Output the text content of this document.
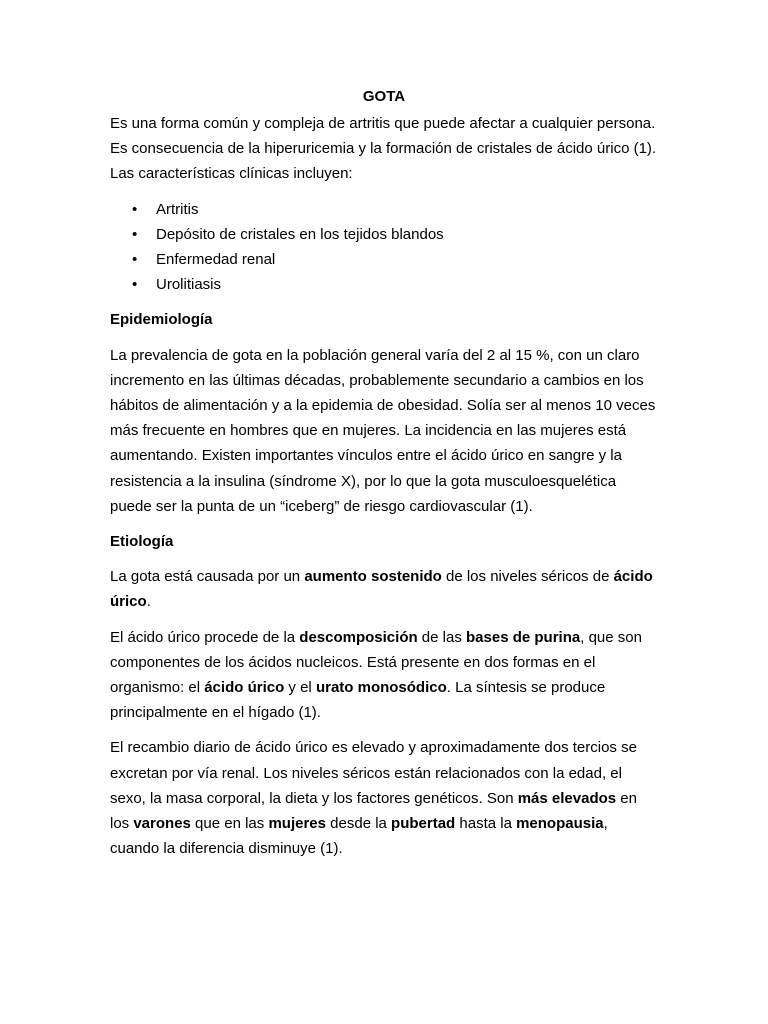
GOTA

Es una forma común y compleja de artritis que puede afectar a cualquier persona. Es consecuencia de la hiperuricemia y la formación de cristales de ácido úrico (1). Las características clínicas incluyen:

• Artritis
• Depósito de cristales en los tejidos blandos
• Enfermedad renal
• Urolitiasis
Epidemiología

La prevalencia de gota en la población general varía del 2 al 15 %, con un claro incremento en las últimas décadas, probablemente secundario a cambios en los hábitos de alimentación y a la epidemia de obesidad. Solía ser al menos 10 veces más frecuente en hombres que en mujeres. La incidencia en las mujeres está aumentando. Existen importantes vínculos entre el ácido úrico en sangre y la resistencia a la insulina (síndrome X), por lo que la gota musculoesquelética puede ser la punta de un “iceberg” de riesgo cardiovascular (1).

Etiología

La gota está causada por un aumento sostenido de los niveles séricos de ácido úrico.

El ácido úrico procede de la descomposición de las bases de purina, que son componentes de los ácidos nucleicos. Está presente en dos formas en el organismo: el ácido úrico y el urato monosódico. La síntesis se produce principalmente en el hígado (1).

El recambio diario de ácido úrico es elevado y aproximadamente dos tercios se excretan por vía renal. Los niveles séricos están relacionados con la edad, el sexo, la masa corporal, la dieta y los factores genéticos. Son más elevados en los varones que en las mujeres desde la pubertad hasta la menopausia, cuando la diferencia disminuye (1).
